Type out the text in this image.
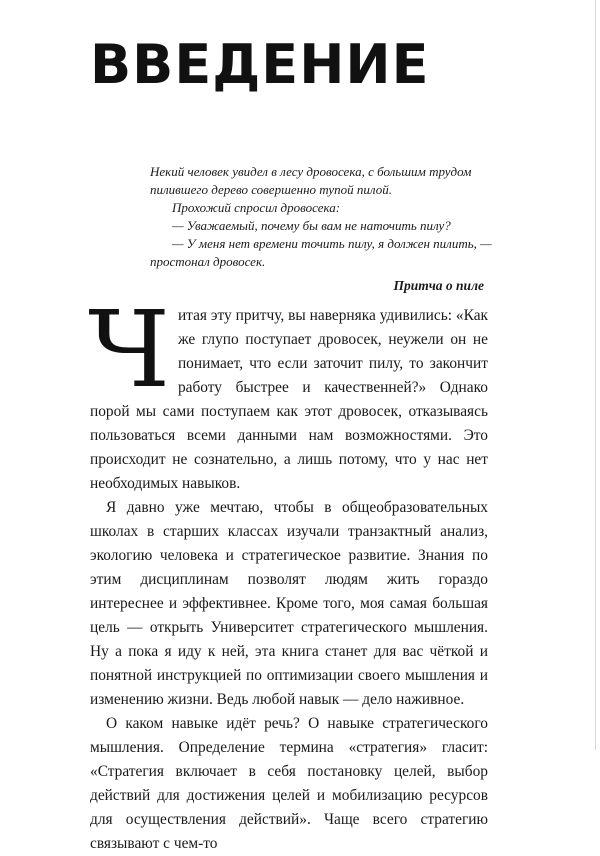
ВВЕДЕНИЕ

Некий человек увидел в лесу дровосека, с большим трудом

пилившего дерево совершенно тупой пилой.

Прохожий спросил дровосека:

— Уважаемый, почему бы вам не наточить пилу?

— У меня нет времени точить пилу, я должен пилить, —

простонал дровосек.

Притча о пиле

Читая эту притчу, вы наверняка удивились: «Как же глупо поступает дровосек, неужели он не понимает, что если заточит пилу, то закончит работу быстрее и качественней?» Однако порой мы сами поступаем как этот дровосек, отказываясь пользоваться всеми данными нам возможностями. Это происходит не сознательно, а лишь потому, что у нас нет необходимых навыков.

Я давно уже мечтаю, чтобы в общеобразовательных школах в старших классах изучали транзактный анализ, экологию человека и стратегическое развитие. Знания по этим дисциплинам позволят людям жить гораздо интереснее и эффективнее. Кроме того, моя самая большая цель — открыть Университет стратегического мышления. Ну а пока я иду к ней, эта книга станет для вас чёткой и понятной инструкцией по оптимизации своего мышления и изменению жизни. Ведь любой навык — дело наживное.

О каком навыке идёт речь? О навыке стратегического мышления. Определение термина «стратегия» гласит: «Стратегия включает в себя постановку целей, выбор действий для достижения целей и мобилизацию ресурсов для осуществления действий». Чаще всего стратегию связывают с чем-то
